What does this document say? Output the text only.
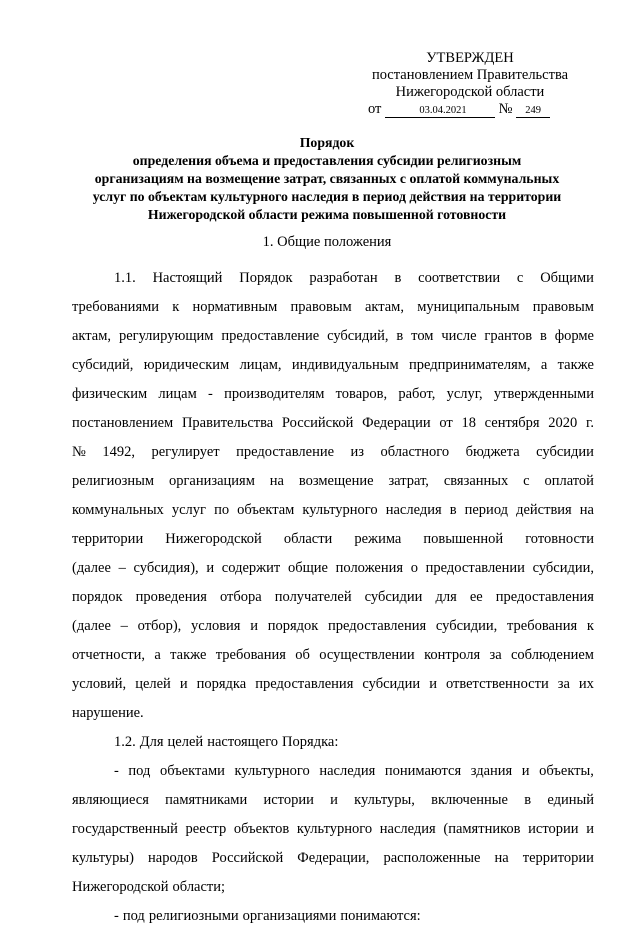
УТВЕРЖДЕН
постановлением Правительства
Нижегородской области
от	03.04.2021 № 249
Порядок
определения объема и предоставления субсидии религиозным
организациям на возмещение затрат, связанных с оплатой коммунальных
услуг по объектам культурного наследия в период действия на территории
Нижегородской области режима повышенной готовности
1. Общие положения
1.1. Настоящий Порядок разработан в соответствии с Общими
требованиями к нормативным правовым актам, муниципальным правовым
актам, регулирующим предоставление субсидий, в том числе грантов в форме
субсидий, юридическим лицам, индивидуальным предпринимателям, а также
физическим лицам - производителям товаров, работ, услуг, утвержденными
постановлением Правительства Российской Федерации от 18 сентября 2020 г.
№ 1492, регулирует предоставление из областного бюджета субсидии
религиозным организациям на возмещение затрат, связанных с оплатой
коммунальных услуг по объектам культурного наследия в период действия на
территории Нижегородской области режима повышенной готовности
(далее – субсидия), и содержит общие положения о предоставлении субсидии,
порядок проведения отбора получателей субсидии для ее предоставления
(далее – отбор), условия и порядок предоставления субсидии, требования к
отчетности, а также требования об осуществлении контроля за соблюдением
условий, целей и порядка предоставления субсидии и ответственности за их
нарушение.
1.2. Для целей настоящего Порядка:
- под объектами культурного наследия понимаются здания и объекты,
являющиеся памятниками истории и культуры, включенные в единый
государственный реестр объектов культурного наследия (памятников истории и
культуры) народов Российской Федерации, расположенные на территории
Нижегородской области;
- под религиозными организациями понимаются:
